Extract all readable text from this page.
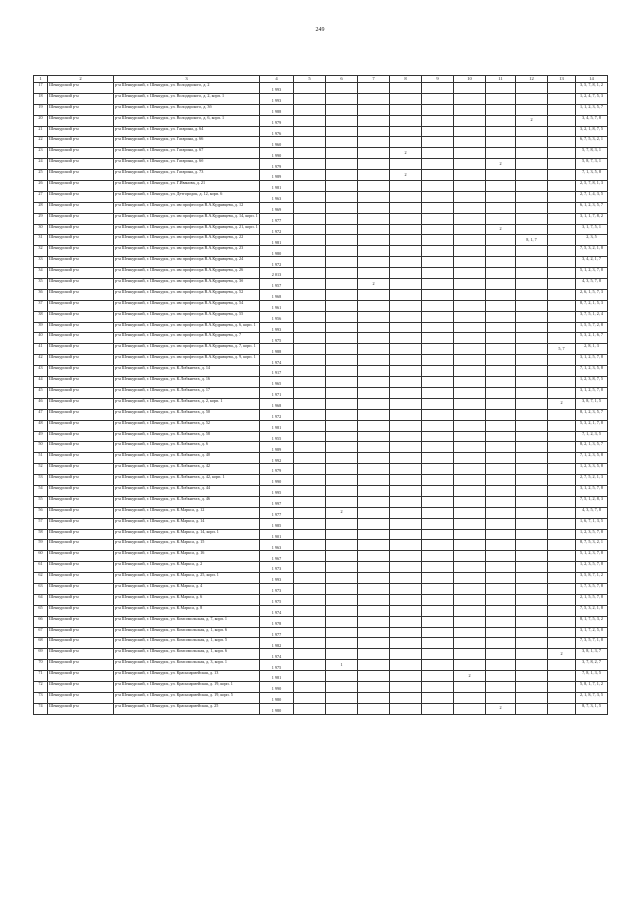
249
1	2	3	4	5	6	7	8	9	10	11	12	13	14
17	Шенкурский р-н	р-н Шенкурский, г. Шенкурск, ул. Володарского, д. 2	1 993										3, 5, 7, 8, 1, 2
18	Шенкурский р-н	р-н Шенкурский, г. Шенкурск, ул. Володарского, д. 2, корп. 1	1 993										1, 2, 4, 7, 5, 3
19	Шенкурский р-н	р-н Шенкурский, г. Шенкурск, ул. Володарского, д. 3б	1 988										1, 1, 2, 3, 5, 7
20	Шенкурский р-н	р-н Шенкурский, г. Шенкурск, ул. Володарского, д. 6, корп. 1	1 979								2		3, 4, 5, 7, 8
21	Шенкурский р-н	р-н Шенкурский, г. Шенкурск, ул. Гагарина, д. 64	1 976										3, 2, 1, 8, 7, 5
22	Шенкурский р-н	р-н Шенкурский, г. Шенкурск, ул. Гагарина, д. 66	1 960										6, 7, 5, 3, 2, 1
23	Шенкурский р-н	р-н Шенкурский, г. Шенкурск, ул. Гагарина, д. 67	1 990				2						5, 7, 8, 3, 1
24	Шенкурский р-н	р-н Шенкурский, г. Шенкурск, ул. Гагарина, д. 6б	1 979							2			5, 8, 7, 3, 1
25	Шенкурский р-н	р-н Шенкурский, г. Шенкурск, ул. Гагарина, д. 73	1 989				2						7, 1, 3, 5, 8
26	Шенкурский р-н	р-н Шенкурский, г. Шенкурск, ул. Г.Иванова, д. 21	1 981										2, 5, 7, 8, 1, 3
27	Шенкурский р-н	р-н Шенкурский, г. Шенкурск, ул. Детгородок, д. 12, корп. 6	1 963										2, 7, 1, 4, 3, 5
28	Шенкурский р-н	р-н Шенкурский, г. Шенкурск, ул. им профессора В.А.Кудрявцева, д. 12	1 969										6, 1, 2, 3, 5, 7
29	Шенкурский р-н	р-н Шенкурский, г. Шенкурск, ул. им профессора В.А.Кудрявцева, д. 14, корп. 1	1 977										3, 1, 1, 7, 8, 2
30	Шенкурский р-н	р-н Шенкурский, г. Шенкурск, ул. им профессора В.А.Кудрявцева, д. 21, корп. 1	1 972							2			3, 1, 7, 5, 1
31	Шенкурский р-н	р-н Шенкурский, г. Шенкурск, ул. им профессора В.А.Кудрявцева, д. 22	1 981								8, 1, 7		2, 3, 5
32	Шенкурский р-н	р-н Шенкурский, г. Шенкурск, ул. им профессора В.А.Кудрявцева, д. 23	1 980										7, 5, 3, 2, 1, 8
33	Шенкурский р-н	р-н Шенкурский, г. Шенкурск, ул. им профессора В.А.Кудрявцева, д. 24	1 972										3, 4, 2, 1, 7
34	Шенкурский р-н	р-н Шенкурский, г. Шенкурск, ул. им профессора В.А.Кудрявцева, д. 26	2 013										5, 1, 2, 3, 7, 8
35	Шенкурский р-н	р-н Шенкурский, г. Шенкурск, ул. им профессора В.А.Кудрявцева, д. 3б	1 957			2							4, 3, 5, 7, 8
36	Шенкурский р-н	р-н Шенкурский, г. Шенкурск, ул. им профессора В.А.Кудрявцева, д. 52	1 968										2, 6, 1, 5, 7, 3
37	Шенкурский р-н	р-н Шенкурский, г. Шенкурск, ул. им профессора В.А.Кудрявцева, д. 54	1 961										8, 7, 2, 1, 5, 3
38	Шенкурский р-н	р-н Шенкурский, г. Шенкурск, ул. им профессора В.А.Кудрявцева, д. 55	1 956										3, 7, 5, 1, 2, 4
39	Шенкурский р-н	р-н Шенкурский, г. Шенкурск, ул. им профессора В.А.Кудрявцева, д. 6, корп. 1	1 993										1, 5, 5, 7, 2, 8
40	Шенкурский р-н	р-н Шенкурский, г. Шенкурск, ул. им профессора В.А.Кудрявцева, д. 7	1 975										5, 3, 2, 1, 6, 7
41	Шенкурский р-н	р-н Шенкурский, г. Шенкурск, ул. им профессора В.А.Кудрявцева, д. 7, корп. 1	1 988									5, 7	2, 8, 1, 3
42	Шенкурский р-н	р-н Шенкурский, г. Шенкурск, ул. им профессора В.А.Кудрявцева, д. 9, корп. 1	1 974										3, 1, 2, 5, 7, 8
43	Шенкурский р-н	р-н Шенкурский, г. Шенкурск, ул. К.Либкнехта, д. 14	1 917										7, 1, 2, 3, 5, 8
44	Шенкурский р-н	р-н Шенкурский, г. Шенкурск, ул. К.Либкнехта, д. 16	1 965										1, 2, 3, 8, 7, 5
45	Шенкурский р-н	р-н Шенкурский, г. Шенкурск, ул. К.Либкнехта, д. 17	1 971										3, 1, 2, 5, 7, 8
46	Шенкурский р-н	р-н Шенкурский, г. Шенкурск, ул. К.Либкнехта, д. 2, корп. 1	1 968									2	3, 8, 7, 1, 5
47	Шенкурский р-н	р-н Шенкурский, г. Шенкурск, ул. К.Либкнехта, д. 50	1 972										8, 1, 2, 3, 5, 7
48	Шенкурский р-н	р-н Шенкурский, г. Шенкурск, ул. К.Либкнехта, д. 52	1 981										5, 3, 2, 1, 7, 8
49	Шенкурский р-н	р-н Шенкурский, г. Шенкурск, ул. К.Либкнехта, д. 58	1 955										7, 1, 2, 3, 5
50	Шенкурский р-н	р-н Шенкурский, г. Шенкурск, ул. К.Либкнехта, д. 6	1 989										8, 2, 1, 3, 5, 7
51	Шенкурский р-н	р-н Шенкурский, г. Шенкурск, ул. К.Либкнехта, д. 40	1 992										7, 1, 2, 3, 5, 8
52	Шенкурский р-н	р-н Шенкурский, г. Шенкурск, ул. К.Либкнехта, д. 42	1 979										1, 2, 3, 3, 5, 8
53	Шенкурский р-н	р-н Шенкурский, г. Шенкурск, ул. К.Либкнехта, д. 42, корп. 1	1 990										2, 7, 5, 2, 1, 3
54	Шенкурский р-н	р-н Шенкурский, г. Шенкурск, ул. К.Либкнехта, д. 44	1 995										3, 1, 2, 5, 7, 8
55	Шенкурский р-н	р-н Шенкурский, г. Шенкурск, ул. К.Либкнехта, д. 46	1 997										7, 5, 1, 2, 8, 3
56	Шенкурский р-н	р-н Шенкурский, г. Шенкурск, ул. К.Маркса, д. 12	1 977		2								4, 3, 5, 7, 8
57	Шенкурский р-н	р-н Шенкурский, г. Шенкурск, ул. К.Маркса, д. 14	1 985										1, 6, 7, 1, 3, 5
58	Шенкурский р-н	р-н Шенкурский, г. Шенкурск, ул. К.Маркса, д. 14, корп. 1	1 901										1, 2, 3, 5, 7, 8
59	Шенкурский р-н	р-н Шенкурский, г. Шенкурск, ул. К.Маркса, д. 15	1 963										8, 7, 5, 3, 2, 1
60	Шенкурский р-н	р-н Шенкурский, г. Шенкурск, ул. К.Маркса, д. 16	1 967										5, 1, 2, 3, 7, 8
61	Шенкурский р-н	р-н Шенкурский, г. Шенкурск, ул. К.Маркса, д. 2	1 973										1, 2, 3, 5, 7, 8
62	Шенкурский р-н	р-н Шенкурский, г. Шенкурск, ул. К.Маркса, д. 25, корп. 1	1 993										3, 5, 8, 7, 1, 2
63	Шенкурский р-н	р-н Шенкурский, г. Шенкурск, ул. К.Маркса, д. 4	1 973										1, 7, 3, 5, 7, 8
64	Шенкурский р-н	р-н Шенкурский, г. Шенкурск, ул. К.Маркса, д. 6	1 975										2, 1, 5, 5, 7, 8
65	Шенкурский р-н	р-н Шенкурский, г. Шенкурск, ул. К.Маркса, д. 8	1 974										7, 5, 3, 2, 1, 8
66	Шенкурский р-н	р-н Шенкурский, г. Шенкурск, ул. Комсомольская, д. 7, корп. 1	1 978										8, 1, 7, 5, 3, 2
67	Шенкурский р-н	р-н Шенкурский, г. Шенкурск, ул. Комсомольская, д. 1, корп. 6	1 977										3, 1, 7, 2, 5, 8
68	Шенкурский р-н	р-н Шенкурский, г. Шенкурск, ул. Комсомольская, д. 1, корп. 5	1 982										7, 3, 5, 7, 1, 8
69	Шенкурский р-н	р-н Шенкурский, г. Шенкурск, ул. Комсомольская, д. 1, корп. 6	1 974									2	3, 8, 1, 3, 7
70	Шенкурский р-н	р-н Шенкурский, г. Шенкурск, ул. Комсомольская, д. 3, корп. 1	1 975		1								3, 7, 8, 2, 7
71	Шенкурский р-н	р-н Шенкурский, г. Шенкурск, ул. Красноармейская, д. 13	1 981						2				7, 8, 1, 3, 5
72	Шенкурский р-н	р-н Шенкурский, г. Шенкурск, ул. Красноармейская, д. 19, корп. 1	1 990										5, 8, 1, 7, 1, 2
73	Шенкурский р-н	р-н Шенкурский, г. Шенкурск, ул. Красноармейская, д. 19, корп. 5	1 980										2, 1, 8, 7, 3, 5
74	Шенкурский р-н	р-н Шенкурский, г. Шенкурск, ул. Красноармейская, д. 25	1 980							2			8, 7, 3, 1, 5
